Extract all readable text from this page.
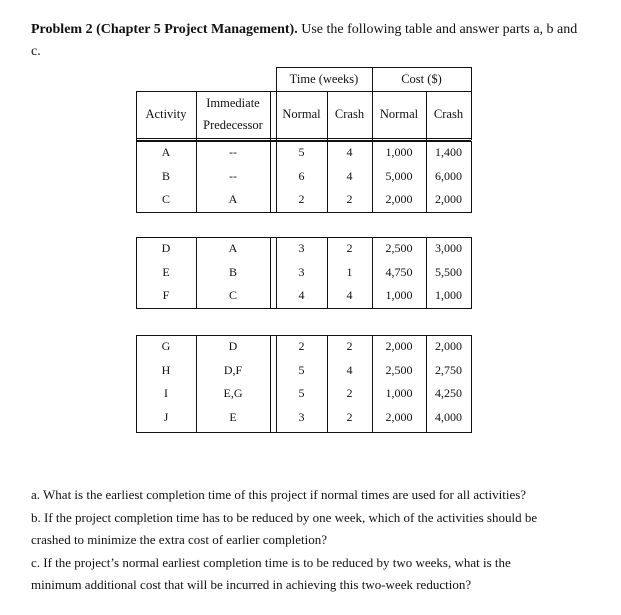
Problem 2 (Chapter 5 Project Management). Use the following table and answer parts a, b and
c.
Time (weeks)	Cost ($)
Activity
Immediate
Predecessor
Normal	Crash	Normal	Crash
A	--	5	4	1,000	1,400
B	--	6	4	5,000	6,000
C	A	2	2	2,000	2,000
D	A	3	2	2,500	3,000
E	B	3	1	4,750	5,500
F	C	4	4	1,000	1,000
G	D	2	2	2,000	2,000
H	D,F	5	4	2,500	2,750
I	E,G	5	2	1,000	4,250
J	E	3	2	2,000	4,000

a. What is the earliest completion time of this project if normal times are used for all activities?

b. If the project completion time has to be reduced by one week, which of the activities should be

crashed to minimize the extra cost of earlier completion?

c. If the project’s normal earliest completion time is to be reduced by two weeks, what is the

minimum additional cost that will be incurred in achieving this two-week reduction?
